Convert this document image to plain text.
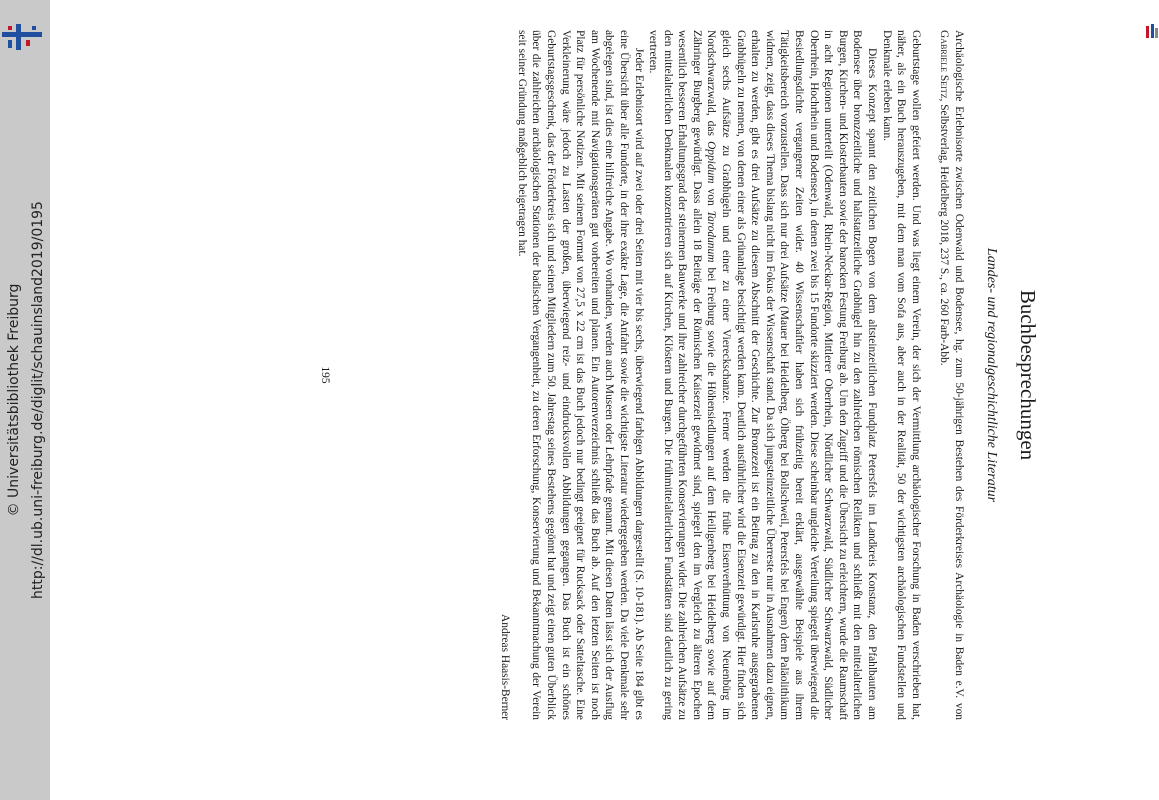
http://dl.ub.uni-freiburg.de/diglit/schauinsland2019/0195
© Universitätsbibliothek Freiburg	Buchbesprechungen
Landes- und regionalgeschichtliche Literatur

Archäologische Erlebnisorte zwischen Odenwald und Bodensee, hg. zum 50-jährigen Bestehen des Förderkreises Archäologie in Baden e.V. von Gabriele Seitz, Selbstverlag, Heidelberg 2018, 237 S., ca. 260 Farb-Abb.

Geburtstage wollen gefeiert werden. Und was liegt einem Verein, der sich der Vermittlung archäologischer Forschung in Baden verschrieben hat, näher, als ein Buch herauszugeben, mit dem man vom Sofa aus, aber auch in der Realität, 50 der wichtigsten archäologischen Fundstellen und Denkmale erleben kann.

Dieses Konzept spannt den zeitlichen Bogen von dem altsteinzeitlichen Fundplatz Petersfels im Landkreis Konstanz, den Pfahlbauten am Bodensee über bronzezeitliche und hallstattzeitliche Grabhügel hin zu den zahlreichen römischen Relikten und schließt mit den mittelalterlichen Burgen, Kirchen- und Klosterbauten sowie der barocken Festung Freiburg ab. Um den Zugriff und die Übersicht zu erleichtern, wurde die Raumschaft in acht Regionen unterteilt (Odenwald, Rhein-Neckar-Region, Mittlerer Oberrhein, Nördlicher Schwarzwald, Südlicher Schwarzwald, Südlicher Oberrhein, Hochrhein und Bodensee), in denen zwei bis 15 Fundorte skizziert werden. Diese scheinbar ungleiche Verteilung spiegelt überwiegend die Besiedlungsdichte vergangener Zeiten wider. 40 Wissenschaftler haben sich frühzeitig bereit erklärt, ausgewählte Beispiele aus ihrem Tätigkeitsbereich vorzustellen. Dass sich nur drei Aufsätze (Mauer bei Heidelberg, Ölberg bei Bollschweil, Petersfels bei Engen) dem Paläolithikum widmen, zeigt, dass dieses Thema bislang nicht im Fokus der Wissenschaft stand. Da sich jungsteinzeitliche Überreste nur in Ausnahmen dazu eignen, erhalten zu werden, gibt es drei Aufsätze zu diesem Abschnitt der Geschichte. Zur Bronzezeit ist ein Beitrag zu den in Karlsruhe ausgegrabenen Grabhügeln zu nennen, von denen einer als Grünanlage besichtigt werden kann. Deutlich ausführlicher wird die Eisenzeit gewürdigt. Hier finden sich gleich sechs Aufsätze zu Grabhügeln und einer zu einer Viereckschanze. Ferner werden die frühe Eisenverhüttung von Neuenbürg im Nordschwarzwald, das Oppidum von Tarodunum bei Freiburg sowie die Höhensiedlungen auf dem Heiligenberg bei Heidelberg sowie auf dem Zähringer Burgberg gewürdigt. Dass allein 18 Beiträge der Römischen Kaiserzeit gewidmet sind, spiegelt den im Vergleich zu älteren Epochen wesentlich besseren Erhaltungsgrad der steinernen Bauwerke und ihre zahlreicher durchgeführten Konservierungen wider. Die zahlreichen Aufsätze zu den mittelalterlichen Denkmalen konzentrieren sich auf Kirchen, Klöstern und Burgen. Die frühmittelalterlichen Fundstätten sind deutlich zu gering vertreten.

Jeder Erlebnisort wird auf zwei oder drei Seiten mit vier bis sechs, überwiegend farbigen Abbildungen dargestellt (S. 10-181). Ab Seite 184 gibt es eine Übersicht über alle Fundorte, in der ihre exakte Lage, die Anfahrt sowie die wichtigste Literatur wiedergegeben werden. Da viele Denkmale sehr abgelegen sind, ist dies eine hilfreiche Angabe. Wo vorhanden, werden auch Museen oder Lehrpfade genannt. Mit diesen Daten lässt sich der Ausflug am Wochenende mit Navigationsgeräten gut vorbereiten und planen. Ein Autorenverzeichnis schließt das Buch ab. Auf den letzten Seiten ist noch Platz für persönliche Notizen. Mit seinem Format von 27,5 x 22 cm ist das Buch jedoch nur bedingt geeignet für Rucksack oder Satteltasche. Eine Verkleinerung wäre jedoch zu Lasten der großen, überwiegend reiz- und eindrucksvollen Abbildungen gegangen. Das Buch ist ein schönes Geburtstagsgeschenk, das der Förderkreis sich und seinen Mitgliedern zum 50. Jahrestag seines Bestehens gegönnt hat und zeigt einen guten Überblick über die zahlreichen archäologischen Stationen der badischen Vergangenheit, zu deren Erforschung, Konservierung und Bekanntmachung der Verein seit seiner Gründung maßgeblich beigetragen hat.

Andreas Haasis-Berner
195
